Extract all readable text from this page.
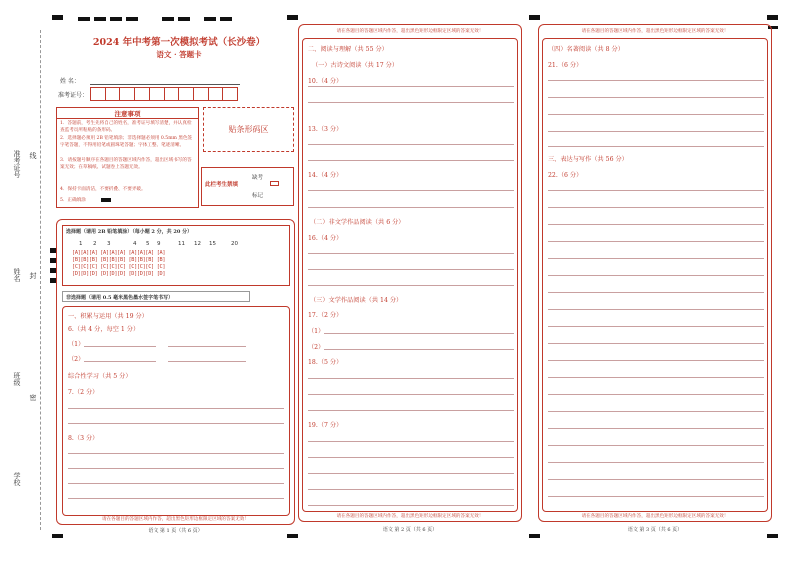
准考证号 线
姓名 封
班级
密
学校
2024 年中考第一次模拟考试（长沙卷）
语文 · 答题卡
姓 名：
准考证号：
注意事项
1．答题前，考生先将自己的姓名，准考证号填写清楚，并认真检查监考员所粘贴的条形码。
2．选择题必须用 2B 铅笔填涂；非选择题必须用 0.5mm 黑色签字笔答题，不得用铅笔或圆珠笔答题；字体工整、笔迹清晰。
3．请按题号顺序在各题目的答题区域内作答，超出区域书写的答案无效；在草稿纸、试题卷上答题无效。
4．保持卡面清洁，不要折叠、不要弄破。
5．正确填涂
贴条形码区
此栏考生禁填
缺考
标记
选择题（请用 2B 铅笔填涂）（每小题 2 分，共 20 分）
1 2 3	4 5 9	11 12 15	20
[A][A][A] [A][A][A] [A][A][A] [A]
[B][B][B] [B][B][B] [B][B][B] [B]
[C][C][C] [C][C][C] [C][C][C] [C]
[D][D][D] [D][D][D] [D][D][D] [D]
非选择题（请用 0.5 毫米黑色墨水签字笔书写）
一、积累与运用（共 19 分）
6.（共 4 分，每空 1 分）
（1）
（2）
综合性学习（共 5 分）
7.（2 分）
8.（3 分）
请在各题目的答题区域内作答，超出黑色矩形边框限定区域的答案无效！
语文 第 1 页（共 6 页）
请在各题目的答题区域内作答，超出黑色矩形边框限定区域的答案无效！
二、阅读与理解（共 55 分）
（一）古诗文阅读（共 17 分）
10.（4 分）
13.（3 分）
14.（4 分）
（二）非文学作品阅读（共 6 分）
16.（4 分）
（三）文学作品阅读（共 14 分）
17.（2 分）
（1）
（2）
18.（5 分）
19.（7 分）
请在各题目的答题区域内作答，超出黑色矩形边框限定区域的答案无效！
语文 第 2 页（共 6 页）
请在各题目的答题区域内作答，超出黑色矩形边框限定区域的答案无效！
（四）名著阅读（共 8 分）
21.（6 分）
三、表达与写作（共 56 分）
22.（6 分）
请在各题目的答题区域内作答，超出黑色矩形边框限定区域的答案无效！
语文 第 3 页（共 6 页）
